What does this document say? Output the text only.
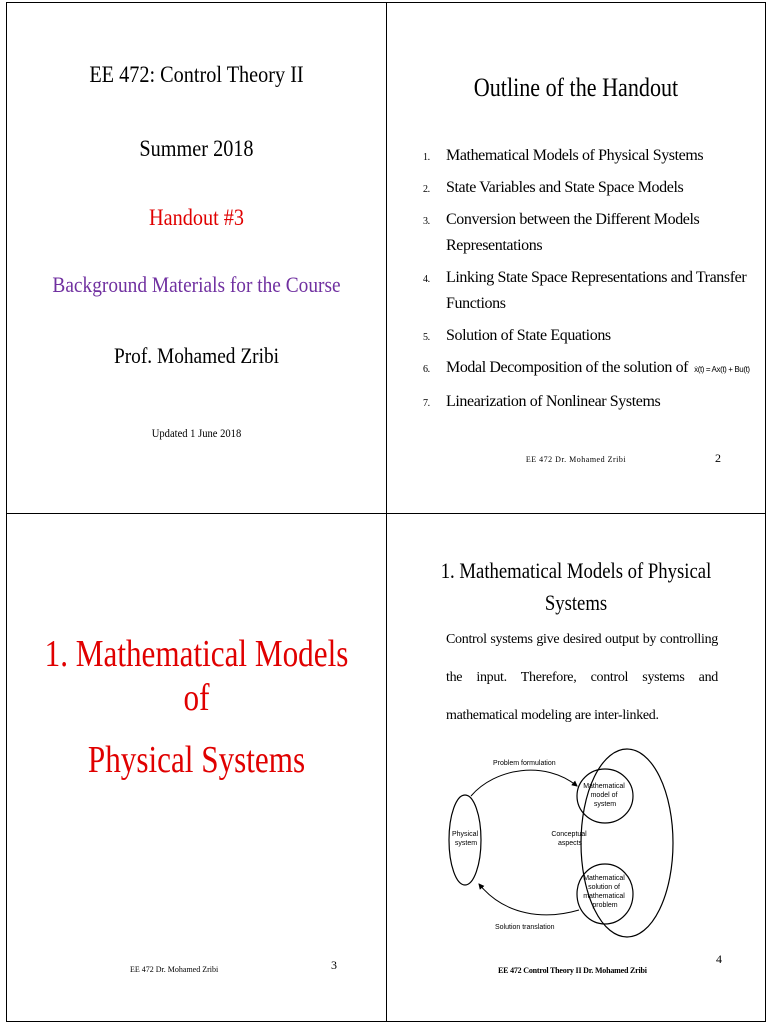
EE 472: Control Theory II
Summer 2018
Handout #3
Background Materials for the Course
Prof. Mohamed Zribi
Updated 1 June 2018
Outline of the Handout
1. Mathematical Models of Physical Systems
2. State Variables and State Space Models
3. Conversion between the Different Models Representations
4. Linking State Space Representations and Transfer Functions
5. Solution of State Equations
6. Modal Decomposition of the solution of ẋ(t) = Ax(t) + Bu(t)
7. Linearization of Nonlinear Systems
EE 472 Dr. Mohamed Zribi	2
1. Mathematical Models of
Physical Systems
EE 472 Dr. Mohamed Zribi	3
1. Mathematical Models of Physical Systems
Control systems give desired output by controlling the input. Therefore, control systems and mathematical modeling are inter-linked.
Problem formulation
Mathematical model of system
Physical system
Conceptual aspects
Mathematical solution of mathematical problem
Solution translation
EE 472 Control Theory II Dr. Mohamed Zribi
4
